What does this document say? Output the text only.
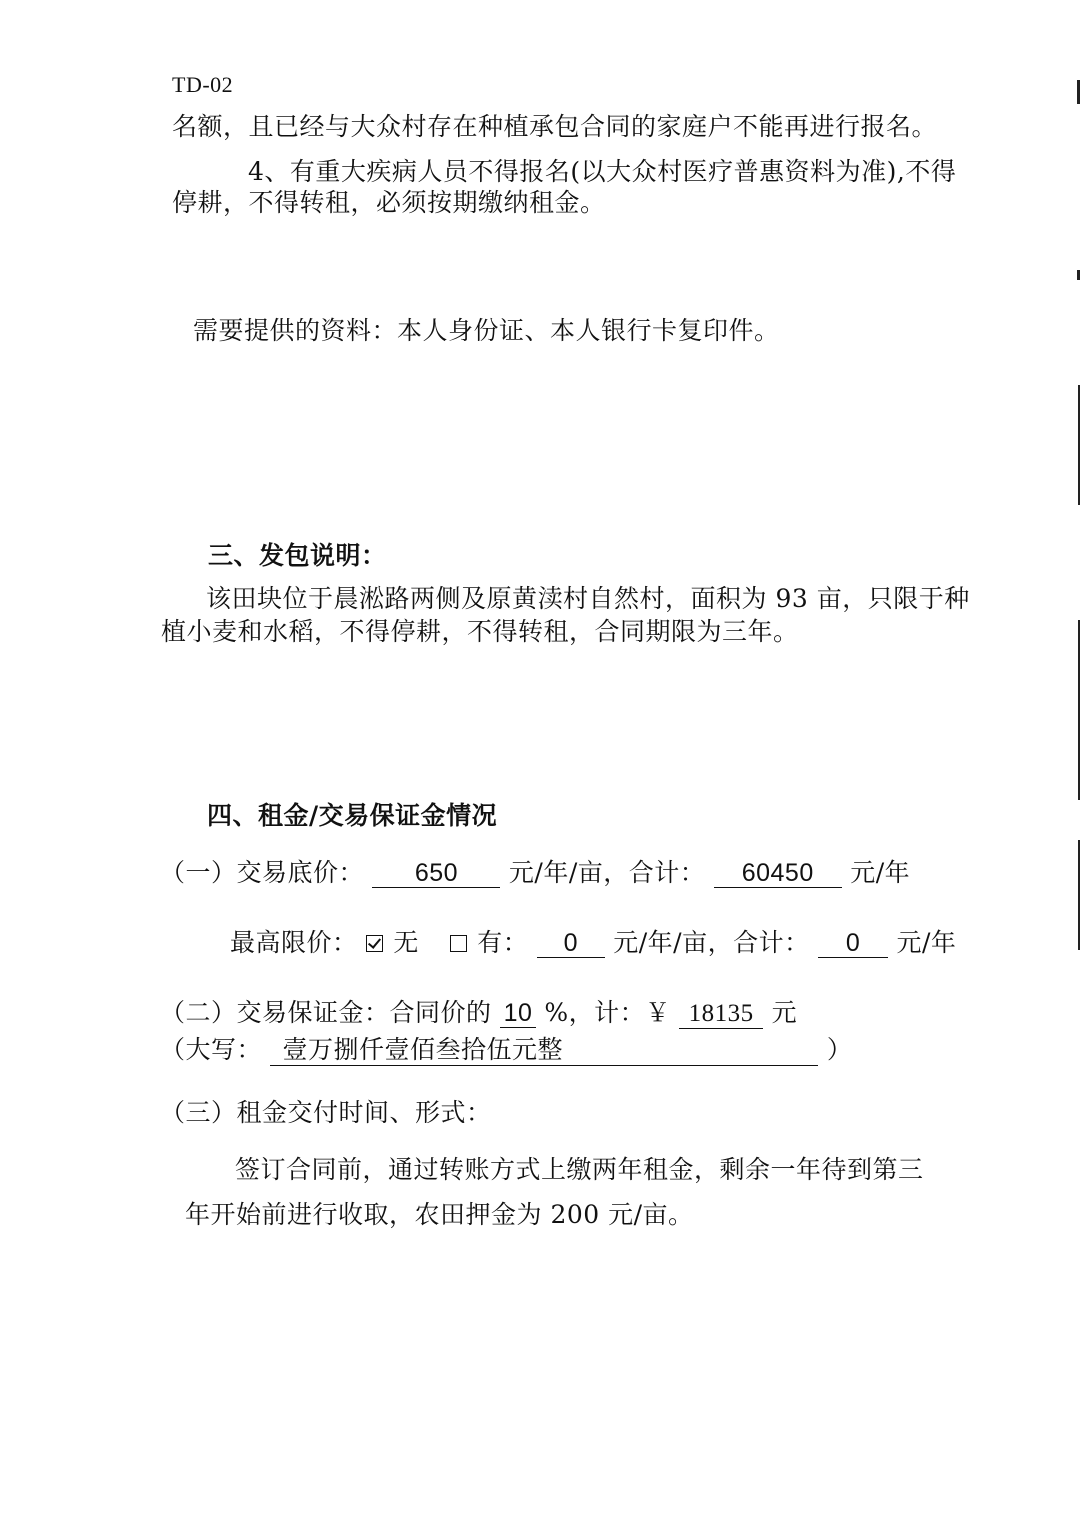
TD-02
名额，且已经与大众村存在种植承包合同的家庭户不能再进行报名。
4、有重大疾病人员不得报名(以大众村医疗普惠资料为准),不得
停耕，不得转租，必须按期缴纳租金。
需要提供的资料：本人身份证、本人银行卡复印件。
三、发包说明：
该田块位于晨淞路两侧及原黄渎村自然村，面积为 93 亩，只限于种
植小麦和水稻，不得停耕，不得转租，合同期限为三年。
四、租金/交易保证金情况
（一）交易底价： 650 元/年/亩，合计： 60450 元/年
最高限价： 无 有： 0 元/年/亩，合计： 0 元/年
（二）交易保证金：合同价的 10 %，计：￥ 18135 元
（大写： 壹万捌仟壹佰叁拾伍元整	）
（三）租金交付时间、形式：
签订合同前，通过转账方式上缴两年租金，剩余一年待到第三
年开始前进行收取，农田押金为 200 元/亩。
